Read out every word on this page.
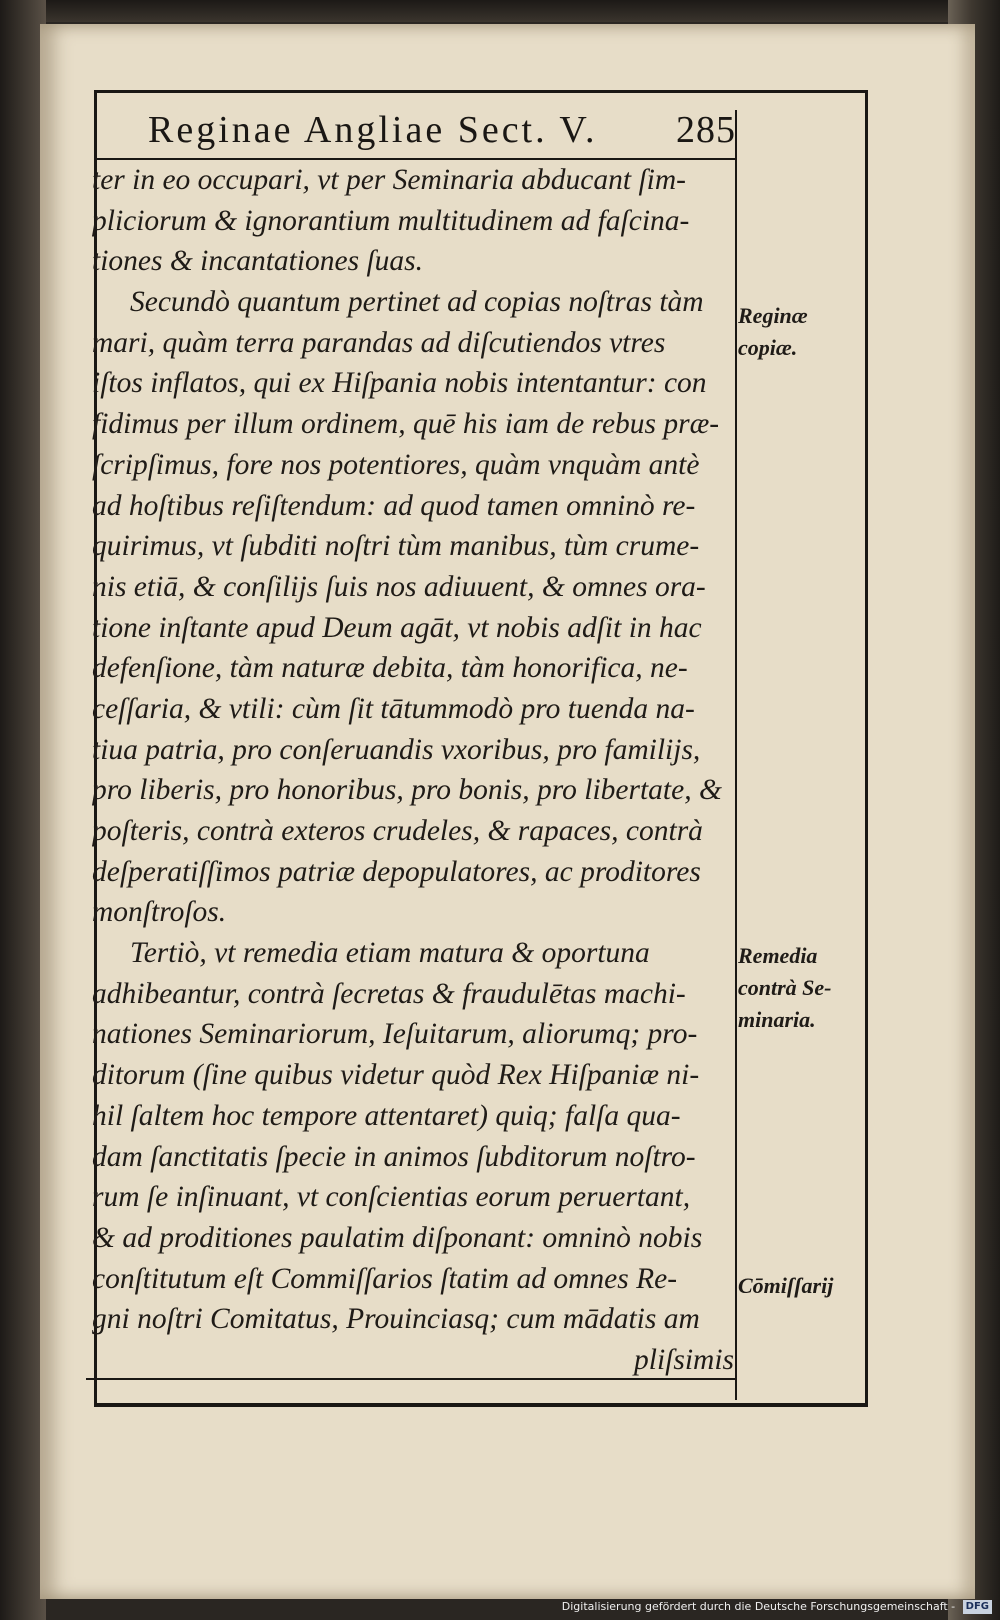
Reginae Angliae Sect. V. 285
ter in eo occupari, vt per Seminaria abducant ſim-
pliciorum & ignorantium multitudinem ad faſcina-
tiones & incantationes ſuas.
Secundò quantum pertinet ad copias noſtras tàm
mari, quàm terra parandas ad diſcutiendos vtres
iſtos inflatos, qui ex Hiſpania nobis intentantur: con
fidimus per illum ordinem, quē his iam de rebus præ-
ſcripſimus, fore nos potentiores, quàm vnquàm antè
ad hoſtibus reſiſtendum: ad quod tamen omninò re-
quirimus, vt ſubditi noſtri tùm manibus, tùm crume-
nis etiā, & conſilijs ſuis nos adiuuent, & omnes ora-
tione inſtante apud Deum agāt, vt nobis adſit in hac
defenſione, tàm naturæ debita, tàm honorifica, ne-
ceſſaria, & vtili: cùm ſit tātummodò pro tuenda na-
tiua patria, pro conſeruandis vxoribus, pro familijs,
pro liberis, pro honoribus, pro bonis, pro libertate, &
poſteris, contrà exteros crudeles, & rapaces, contrà
deſperatiſſimos patriæ depopulatores, ac proditores
monſtroſos.
Tertiò, vt remedia etiam matura & oportuna
adhibeantur, contrà ſecretas & fraudulētas machi-
nationes Seminariorum, Ieſuitarum, aliorumq; pro-
ditorum (ſine quibus videtur quòd Rex Hiſpaniæ ni-
hil ſaltem hoc tempore attentaret) quiq; falſa qua-
dam ſanctitatis ſpecie in animos ſubditorum noſtro-
rum ſe inſinuant, vt conſcientias eorum peruertant,
& ad proditiones paulatim diſponant: omninò nobis
conſtitutum eſt Commiſſarios ſtatim ad omnes Re-
gni noſtri Comitatus, Prouinciasq; cum mādatis am
pliſsimis
Reginæ
copiæ.
Remedia
contrà Se-
minaria.
Cōmiſſarij
Digitalisierung gefördert durch die Deutsche Forschungsgemeinschaft - DFG
